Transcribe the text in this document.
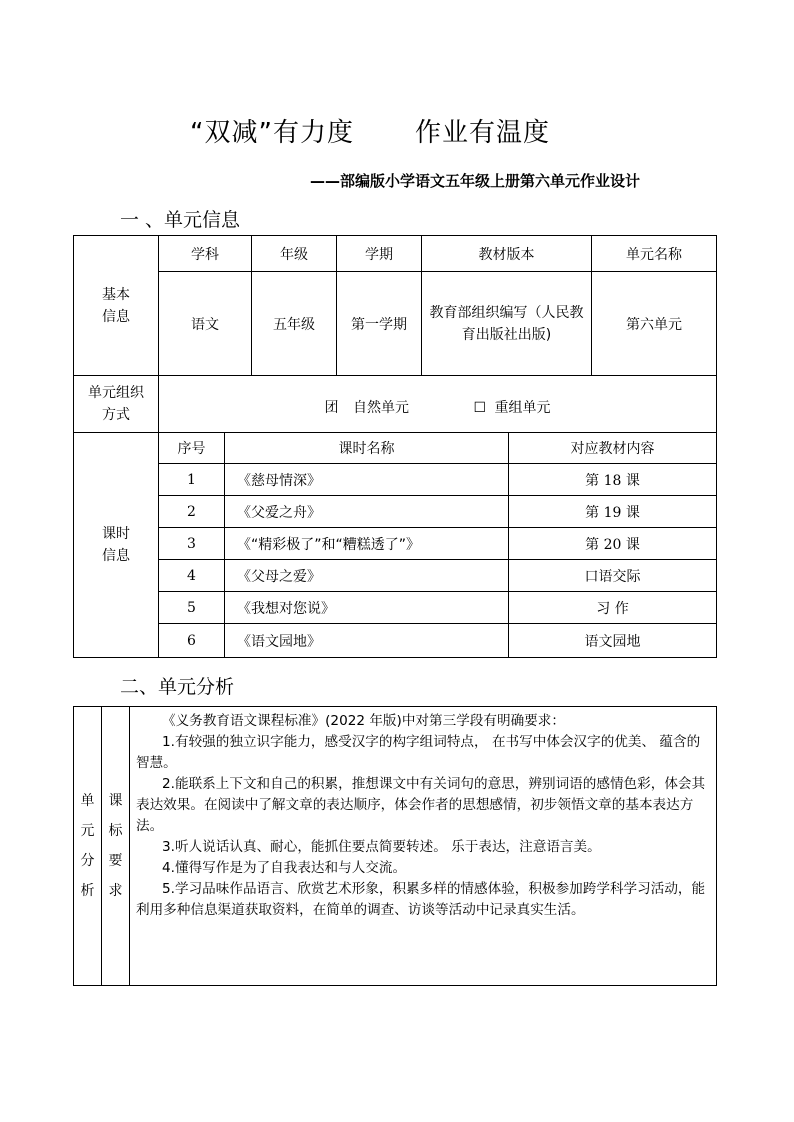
“双减”有力度 作业有温度
——部编版小学语文五年级上册第六单元作业设计
一 、单元信息
基本
信息	学科	年级	学期	教材版本	单元名称
	语文	五年级	第一学期	教育部组织编写（人民教育出版社出版)	第六单元
单元组织
方式	团 自然单元 ☐ 重组单元				
课时
信息	序号	课时名称	对应教材内容
	1	《慈母情深》	第 18 课
	2	《父爱之舟》	第 19 课
	3	《“精彩极了”和“糟糕透了”》	第 20 课
	4	《父母之爱》	口语交际
	5	《我想对您说》	习 作
	6	《语文园地》	语文园地
二、单元分析
单
元
分
析

课
标
要
求

《义务教育语文课程标准》(2022 年版)中对第三学段有明确要求：

1.有较强的独立识字能力，感受汉字的构字组词特点， 在书写中体会汉字的优美、 蕴含的智慧。

2.能联系上下文和自己的积累，推想课文中有关词句的意思，辨别词语的感情色彩，体会其表达效果。在阅读中了解文章的表达顺序，体会作者的思想感情，初步领悟文章的基本表达方法。

3.听人说话认真、耐心，能抓住要点简要转述。 乐于表达，注意语言美。

4.懂得写作是为了自我表达和与人交流。

5.学习品味作品语言、欣赏艺术形象，积累多样的情感体验，积极参加跨学科学习活动，能利用多种信息渠道获取资料，在简单的调查、访谈等活动中记录真实生活。
